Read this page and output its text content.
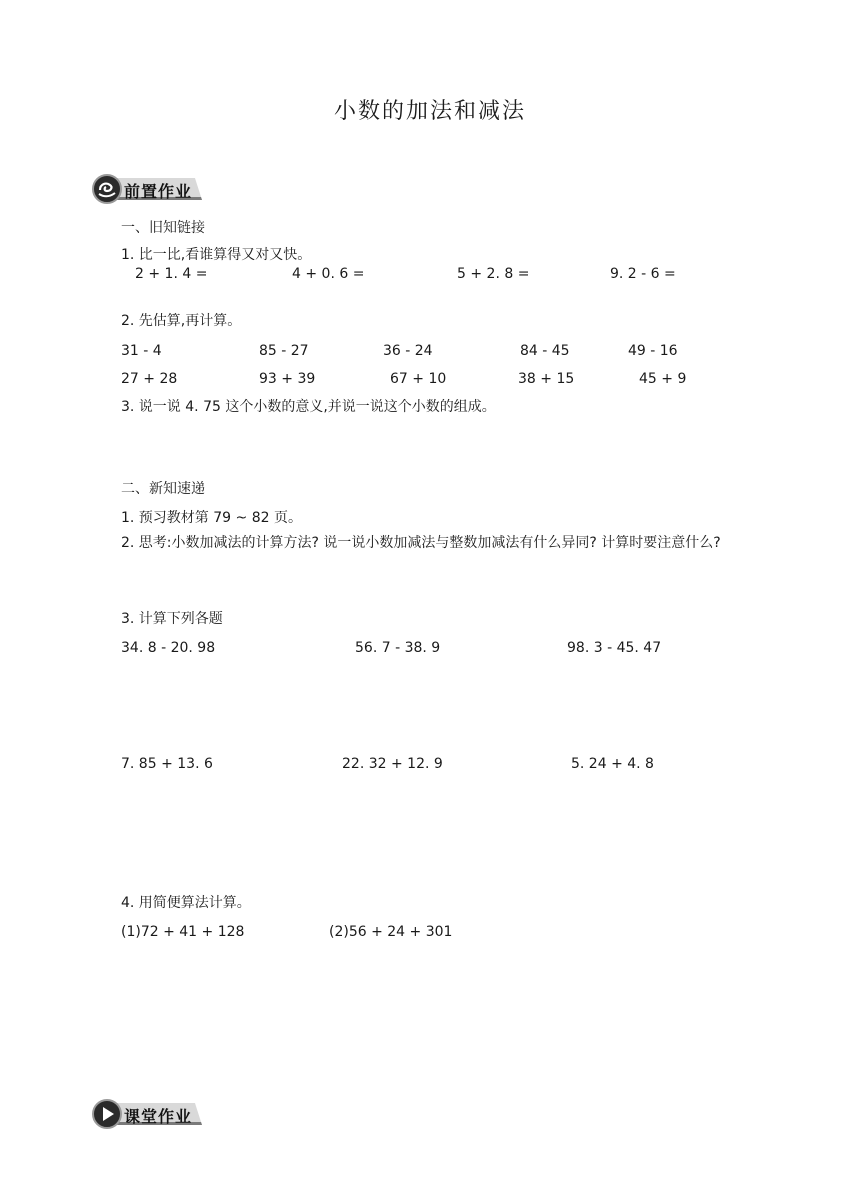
小数的加法和减法
前置作业
一、旧知链接
1. 比一比,看谁算得又对又快。
2 + 1. 4 =	4 + 0. 6 =	5 + 2. 8 =	9. 2 - 6 =
2. 先估算,再计算。
31 - 4	85 - 27	36 - 24	84 - 45	49 - 16
27 + 28	93 + 39	67 + 10	38 + 15	45 + 9
3. 说一说 4. 75 这个小数的意义,并说一说这个小数的组成。
二、新知速递
1. 预习教材第 79 ~ 82 页。
2. 思考:小数加减法的计算方法? 说一说小数加减法与整数加减法有什么异同? 计算时要注意什么?
3. 计算下列各题
34. 8 - 20. 98	56. 7 - 38. 9	98. 3 - 45. 47
7. 85 + 13. 6	22. 32 + 12. 9	5. 24 + 4. 8
4. 用简便算法计算。
(1)72 + 41 + 128	(2)56 + 24 + 301
课堂作业
